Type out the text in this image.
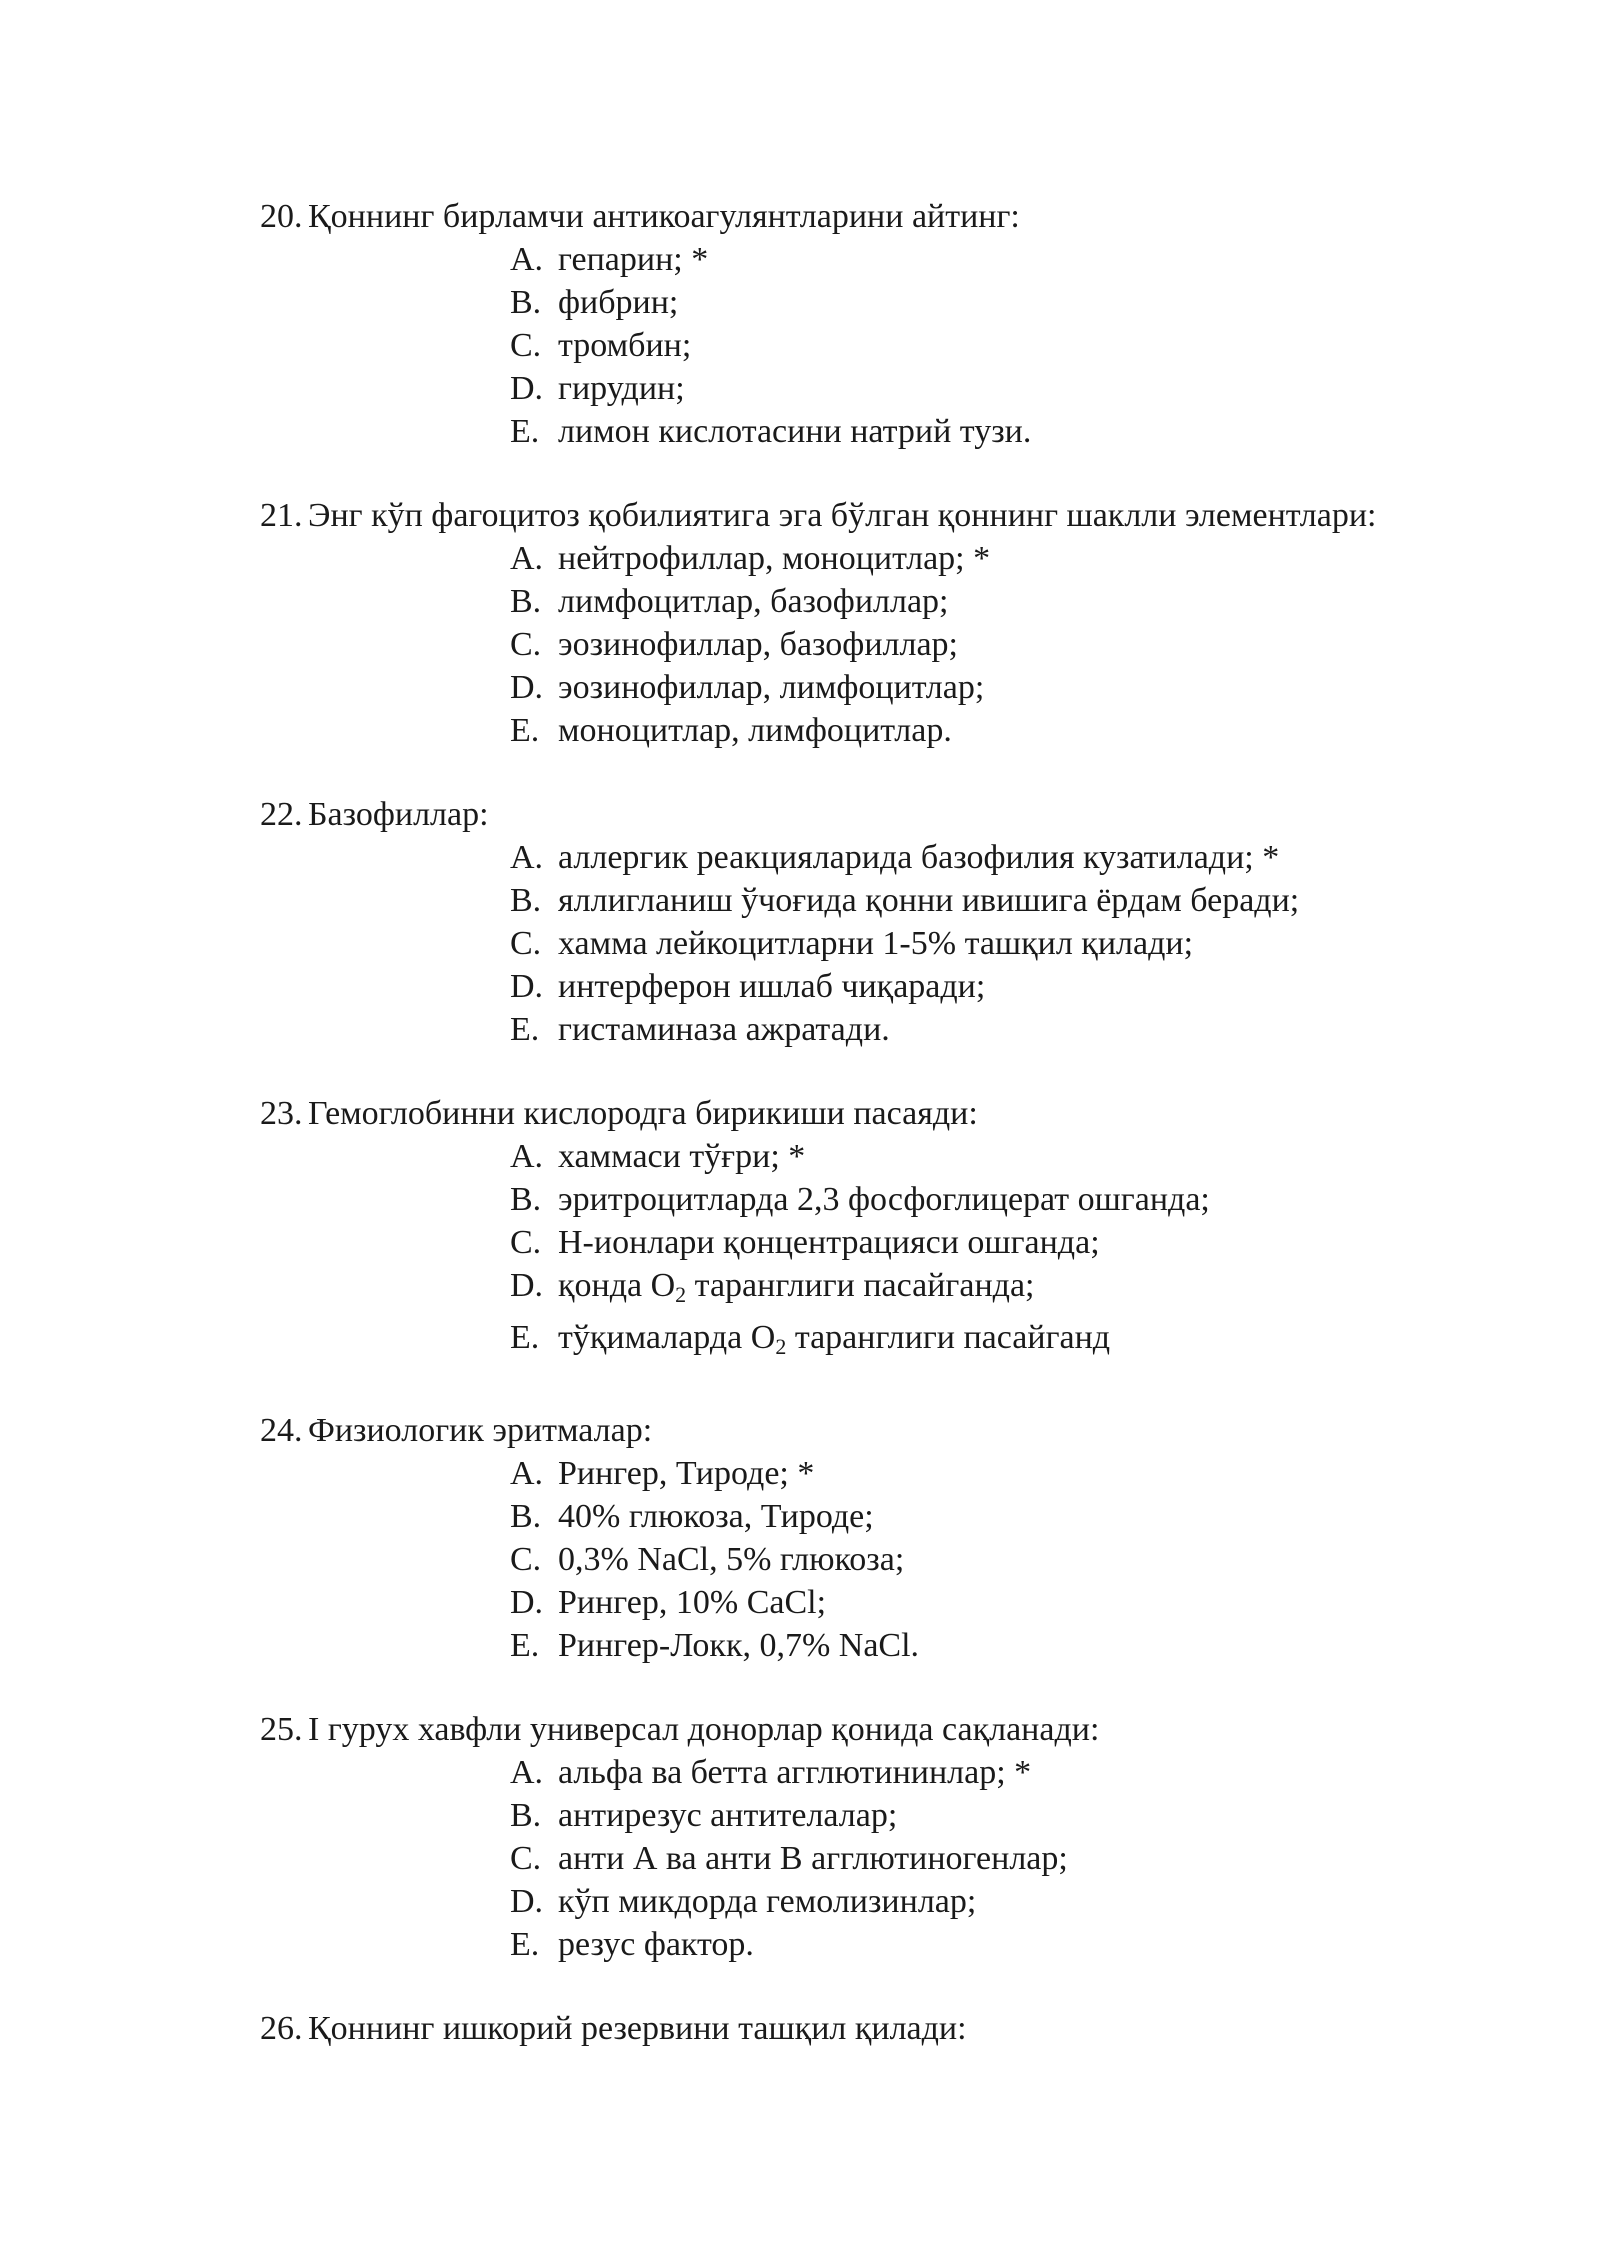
20. Қоннинг бирламчи антикоагулянтларини айтинг:
A. гепарин; *
B. фибрин;
C. тромбин;
D. гирудин;
E. лимон кислотасини натрий тузи.
21. Энг кўп фагоцитоз қобилиятига эга бўлган қоннинг шаклли элементлари:
A. нейтрофиллар, моноцитлар; *
B. лимфоцитлар, базофиллар;
C. эозинофиллар, базофиллар;
D. эозинофиллар, лимфоцитлар;
E. моноцитлар, лимфоцитлар.
22. Базофиллар:
A. аллергик реакцияларида базофилия кузатилади; *
B. яллигланиш ўчоғида қонни ивишига ёрдам беради;
C. хамма лейкоцитларни 1-5% ташқил қилади;
D. интерферон ишлаб чиқаради;
E. гистаминаза ажратади.
23. Гемоглобинни кислородга бирикиши пасаяди:
A. хаммаси тўғри; *
B. эритроцитларда 2,3 фосфоглицерат ошганда;
C. Н-ионлари қонцентрацияси ошганда;
D. қонда $O_2$ таранглиги пасайганда;
E. тўқималарда $O_2$ таранглиги пасайганд
24. Физиологик эритмалар:
A. Рингер, Тироде; *
B. 40% глюкоза, Тироде;
C. 0,3% NaCl, 5% глюкоза;
D. Рингер, 10% CaCl;
E. Рингер-Локк, 0,7% NaCl.
25. I гурух хавфли универсал донорлар қонида сақланади:
A. альфа ва бетта агглютининлар; *
B. антирезус антителалар;
C. анти А ва анти В агглютиногенлар;
D. кўп микдорда гемолизинлар;
E. резус фактор.
26. Қоннинг ишкорий резервини ташқил қилади:
